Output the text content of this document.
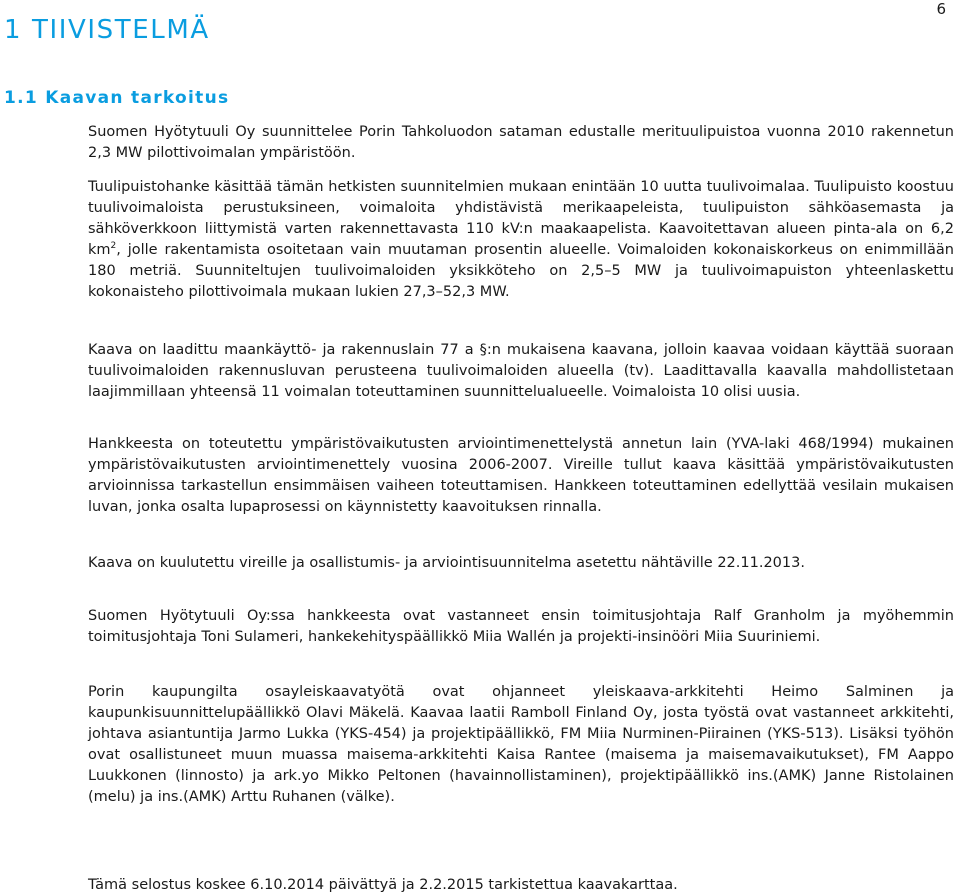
6
1 TIIVISTELMÄ
1.1 Kaavan tarkoitus

Suomen Hyötytuuli Oy suunnittelee Porin Tahkoluodon sataman edustalle merituulipuistoa vuonna 2010 rakennetun 2,3 MW pilottivoimalan ympäristöön.

Tuulipuistohanke käsittää tämän hetkisten suunnitelmien mukaan enintään 10 uutta tuulivoimalaa. Tuulipuisto koostuu tuulivoimaloista perustuksineen, voimaloita yhdistävistä merikaapeleista, tuulipuiston sähköasemasta ja sähköverkkoon liittymistä varten rakennettavasta 110 kV:n maakaapelista. Kaavoitettavan alueen pinta-ala on 6,2 $km^2$, jolle rakentamista osoitetaan vain muutaman prosentin alueelle. Voimaloiden kokonaiskorkeus on enimmillään 180 metriä. Suunniteltujen tuulivoimaloiden yksikköteho on 2,5–5 MW ja tuulivoimapuiston yhteenlaskettu kokonaisteho pilottivoimala mukaan lukien 27,3–52,3 MW.

Kaava on laadittu maankäyttö- ja rakennuslain 77 a §:n mukaisena kaavana, jolloin kaavaa voidaan käyttää suoraan tuulivoimaloiden rakennusluvan perusteena tuulivoimaloiden alueella (tv). Laadittavalla kaavalla mahdollistetaan laajimmillaan yhteensä 11 voimalan toteuttaminen suunnittelualueelle. Voimaloista 10 olisi uusia.

Hankkeesta on toteutettu ympäristövaikutusten arviointimenettelystä annetun lain (YVA-laki 468/1994) mukainen ympäristövaikutusten arviointimenettely vuosina 2006-2007. Vireille tullut kaava käsittää ympäristövaikutusten arvioinnissa tarkastellun ensimmäisen vaiheen toteuttamisen. Hankkeen toteuttaminen edellyttää vesilain mukaisen luvan, jonka osalta lupaprosessi on käynnistetty kaavoituksen rinnalla.

Kaava on kuulutettu vireille ja osallistumis- ja arviointisuunnitelma asetettu nähtäville 22.11.2013.

Suomen Hyötytuuli Oy:ssa hankkeesta ovat vastanneet ensin toimitusjohtaja Ralf Granholm ja myöhemmin toimitusjohtaja Toni Sulameri, hankekehityspäällikkö Miia Wallén ja projekti-insinööri Miia Suuriniemi.

Porin kaupungilta osayleiskaavatyötä ovat ohjanneet yleiskaava-arkkitehti Heimo Salminen ja kaupunkisuunnittelupäällikkö Olavi Mäkelä. Kaavaa laatii Ramboll Finland Oy, josta työstä ovat vastanneet arkkitehti, johtava asiantuntija Jarmo Lukka (YKS-454) ja projektipäällikkö, FM Miia Nurminen-Piirainen (YKS-513). Lisäksi työhön ovat osallistuneet muun muassa maisema-arkkitehti Kaisa Rantee (maisema ja maisemavaikutukset), FM Aappo Luukkonen (linnosto) ja ark.yo Mikko Peltonen (havainnollistaminen), projektipäällikkö ins.(AMK) Janne Ristolainen (melu) ja ins.(AMK) Arttu Ruhanen (välke).

Tämä selostus koskee 6.10.2014 päivättyä ja 2.2.2015 tarkistettua kaavakarttaa.
